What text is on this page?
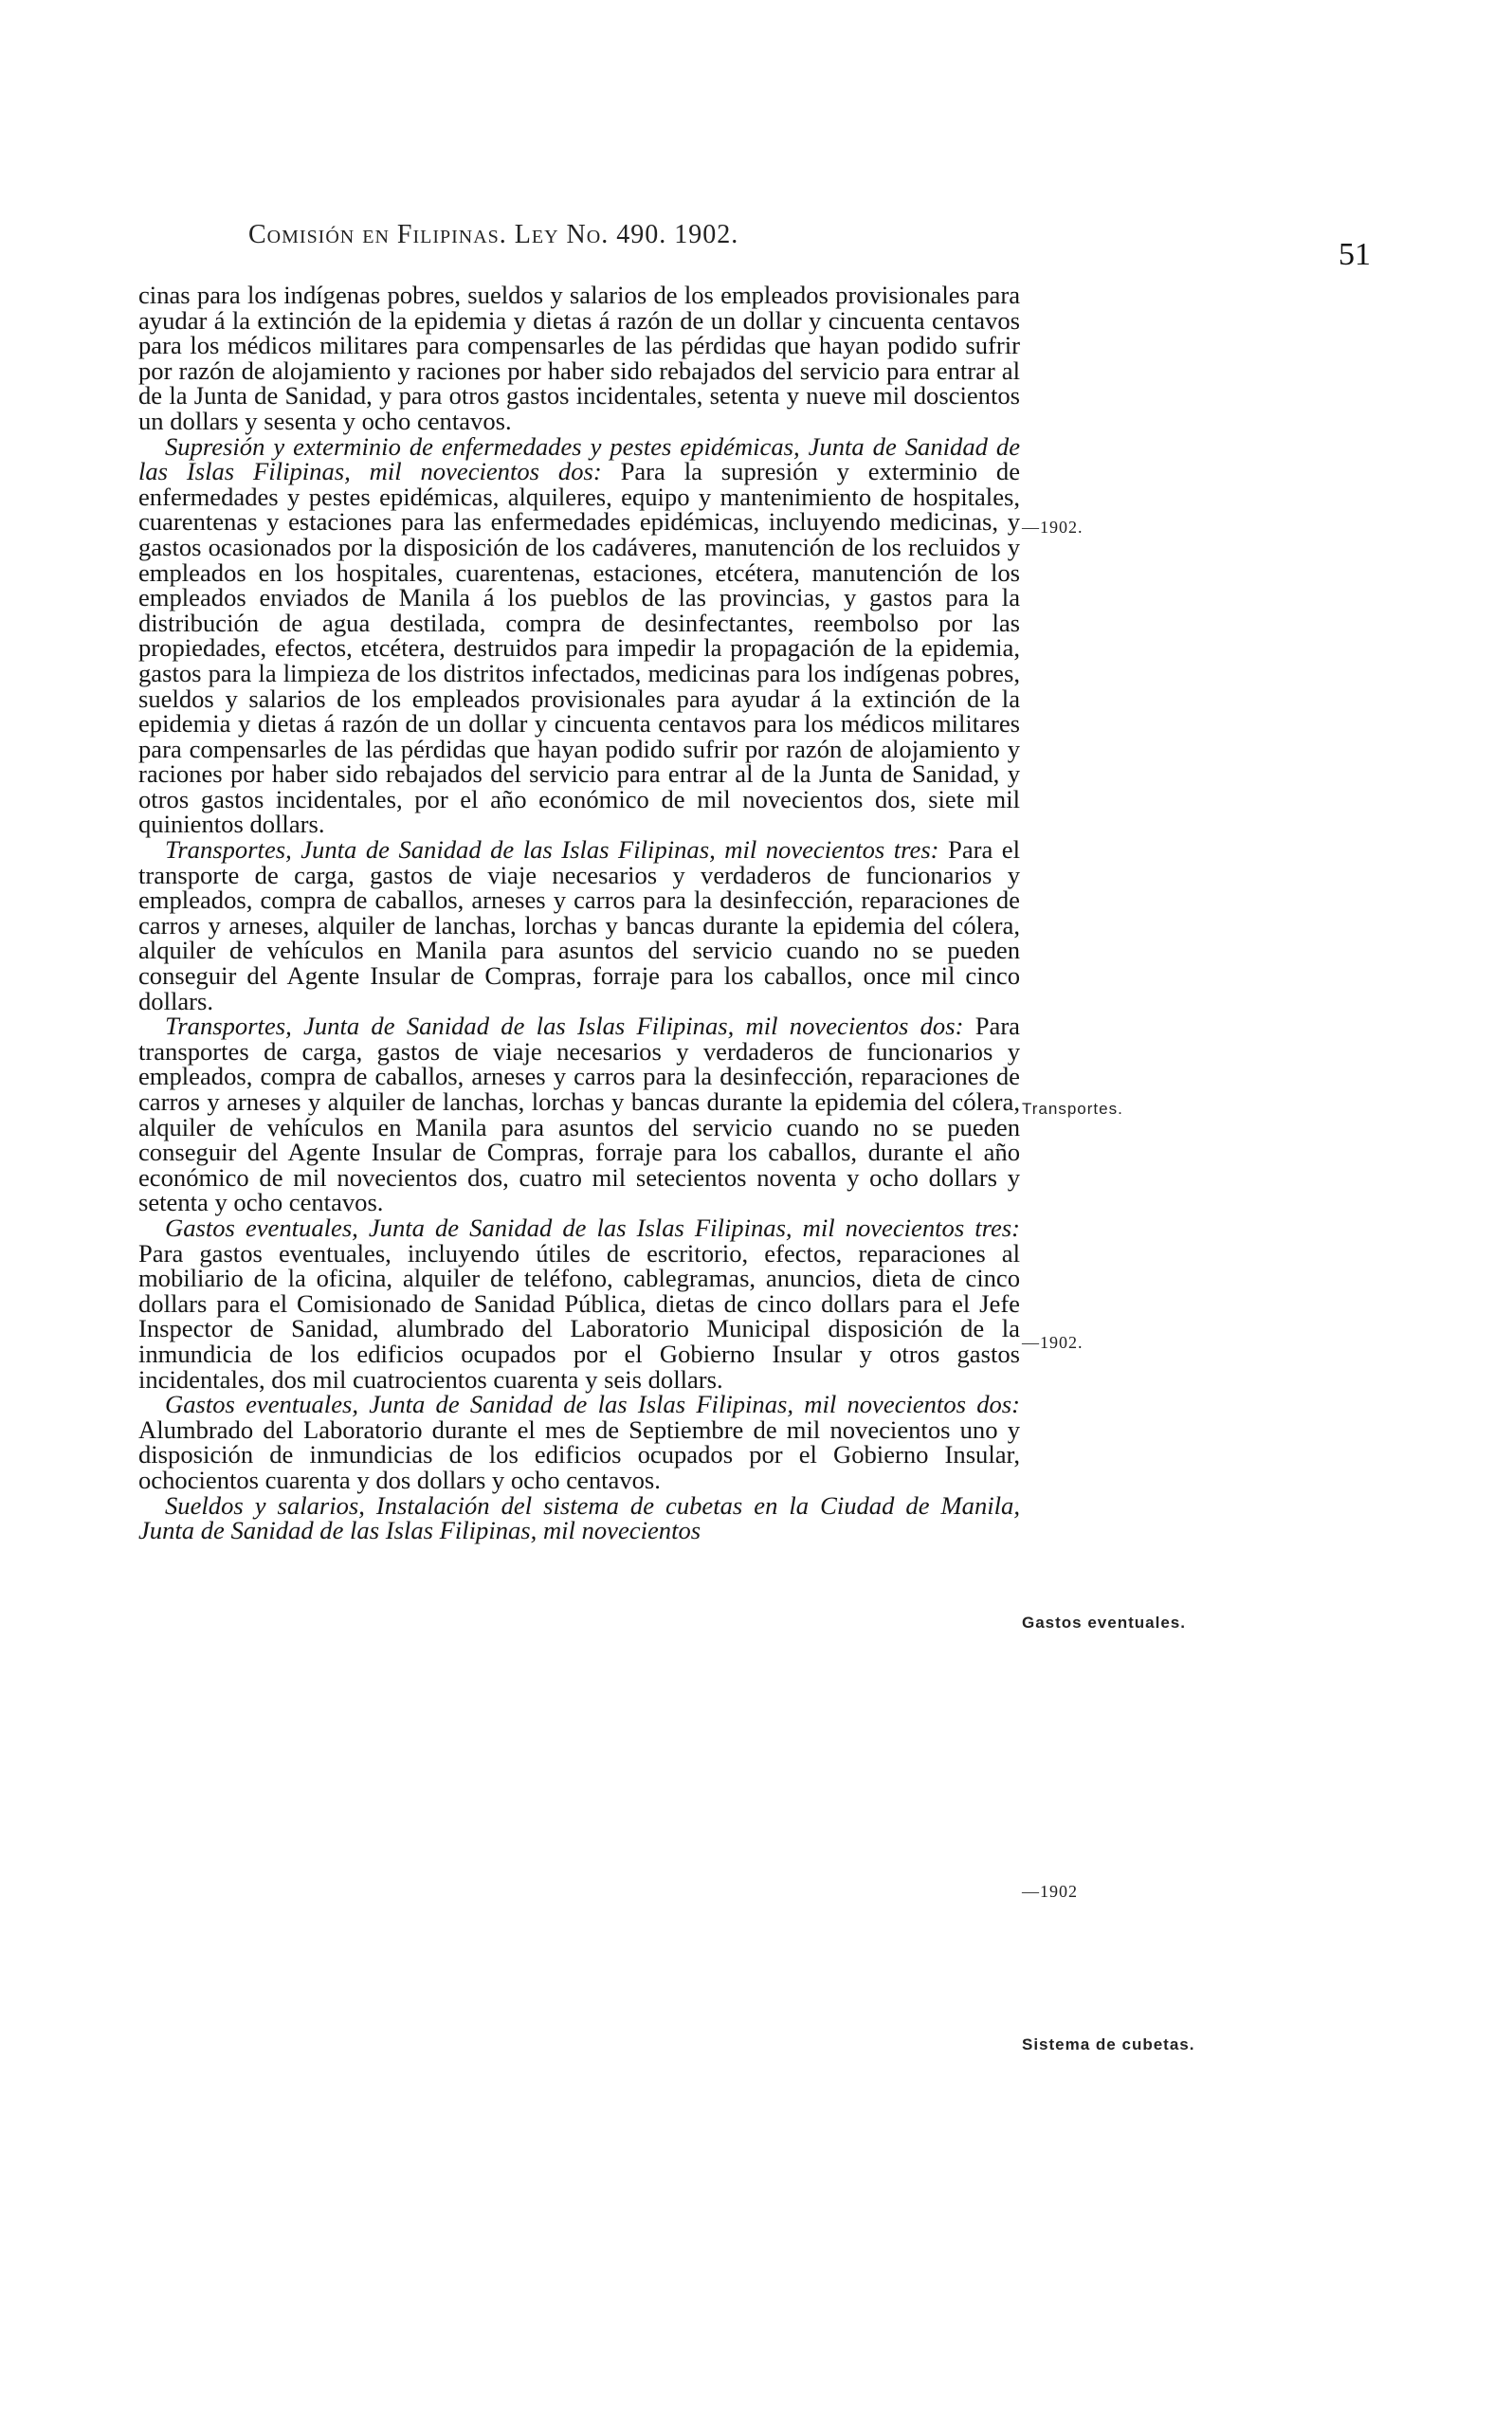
Comisión en Filipinas. Ley No. 490. 1902.
51

cinas para los indígenas pobres, sueldos y salarios de los empleados provisionales para ayudar á la extinción de la epidemia y dietas á razón de un dollar y cincuenta centavos para los médicos militares para compensarles de las pérdidas que hayan podido sufrir por razón de alojamiento y raciones por haber sido rebajados del servicio para entrar al de la Junta de Sanidad, y para otros gastos incidentales, setenta y nueve mil doscientos un dollars y sesenta y ocho centavos.

Supresión y exterminio de enfermedades y pestes epidémicas, Junta de Sanidad de las Islas Filipinas, mil novecientos dos: Para la supresión y exterminio de enfermedades y pestes epidémicas, alquileres, equipo y mantenimiento de hospitales, cuarentenas y estaciones para las enfermedades epidémicas, incluyendo medicinas, y gastos ocasionados por la disposición de los cadáveres, manutención de los recluidos y empleados en los hospitales, cuarentenas, estaciones, etcétera, manutención de los empleados enviados de Manila á los pueblos de las provincias, y gastos para la distribución de agua destilada, compra de desinfectantes, reembolso por las propiedades, efectos, etcétera, destruidos para impedir la propagación de la epidemia, gastos para la limpieza de los distritos infectados, medicinas para los indígenas pobres, sueldos y salarios de los empleados provisionales para ayudar á la extinción de la epidemia y dietas á razón de un dollar y cincuenta centavos para los médicos militares para compensarles de las pérdidas que hayan podido sufrir por razón de alojamiento y raciones por haber sido rebajados del servicio para entrar al de la Junta de Sanidad, y otros gastos incidentales, por el año económico de mil novecientos dos, siete mil quinientos dollars.

Transportes, Junta de Sanidad de las Islas Filipinas, mil novecientos tres: Para el transporte de carga, gastos de viaje necesarios y verdaderos de funcionarios y empleados, compra de caballos, arneses y carros para la desinfección, reparaciones de carros y arneses, alquiler de lanchas, lorchas y bancas durante la epidemia del cólera, alquiler de vehículos en Manila para asuntos del servicio cuando no se pueden conseguir del Agente Insular de Compras, forraje para los caballos, once mil cinco dollars.

Transportes, Junta de Sanidad de las Islas Filipinas, mil novecientos dos: Para transportes de carga, gastos de viaje necesarios y verdaderos de funcionarios y empleados, compra de caballos, arneses y carros para la desinfección, reparaciones de carros y arneses y alquiler de lanchas, lorchas y bancas durante la epidemia del cólera, alquiler de vehículos en Manila para asuntos del servicio cuando no se pueden conseguir del Agente Insular de Compras, forraje para los caballos, durante el año económico de mil novecientos dos, cuatro mil setecientos noventa y ocho dollars y setenta y ocho centavos.

Gastos eventuales, Junta de Sanidad de las Islas Filipinas, mil novecientos tres: Para gastos eventuales, incluyendo útiles de escritorio, efectos, reparaciones al mobiliario de la oficina, alquiler de teléfono, cablegramas, anuncios, dieta de cinco dollars para el Comisionado de Sanidad Pública, dietas de cinco dollars para el Jefe Inspector de Sanidad, alumbrado del Laboratorio Municipal disposición de la inmundicia de los edificios ocupados por el Gobierno Insular y otros gastos incidentales, dos mil cuatrocientos cuarenta y seis dollars.

Gastos eventuales, Junta de Sanidad de las Islas Filipinas, mil novecientos dos: Alumbrado del Laboratorio durante el mes de Septiembre de mil novecientos uno y disposición de inmundicias de los edificios ocupados por el Gobierno Insular, ochocientos cuarenta y dos dollars y ocho centavos.

Sueldos y salarios, Instalación del sistema de cubetas en la Ciudad de Manila, Junta de Sanidad de las Islas Filipinas, mil novecientos

—1902.
Transportes.
—1902.
Gastos eventuales.
—1902
Sistema de cubetas.
